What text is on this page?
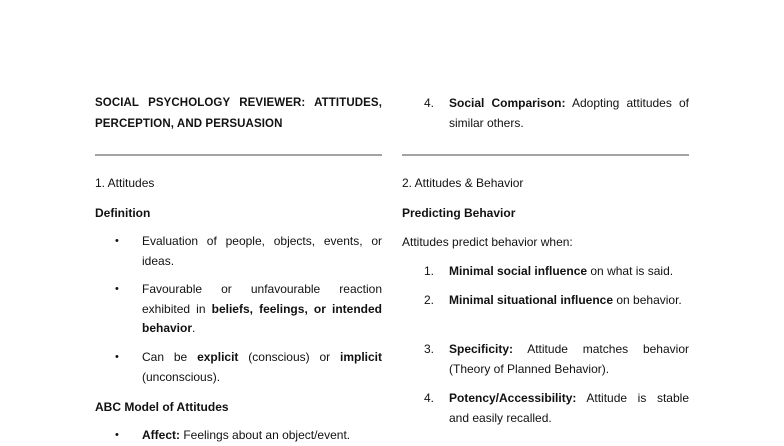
SOCIAL PSYCHOLOGY REVIEWER: ATTITUDES,
PERCEPTION, AND PERSUASION
1. Attitudes
Definition
• Evaluation of people, objects, events, or ideas.
• Favourable or unfavourable reaction exhibited in beliefs, feelings, or intended behavior.
• Can be explicit (conscious) or implicit (unconscious).
ABC Model of Attitudes
• Affect: Feelings about an object/event.
4. Social Comparison: Adopting attitudes of similar others.
2. Attitudes & Behavior
Predicting Behavior
Attitudes predict behavior when:
1. Minimal social influence on what is said.
2. Minimal situational influence on behavior.
3. Specificity: Attitude matches behavior (Theory of Planned Behavior).
4. Potency/Accessibility: Attitude is stable and easily recalled.
